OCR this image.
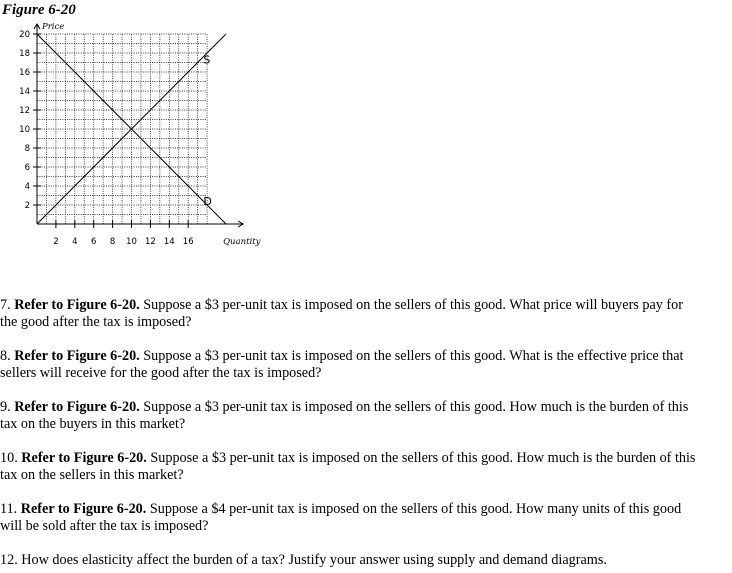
Figure 6-20
2
4
6
8
10
12
14
16
18
20
2 4 6 8 10 12 14 16
S
D
Price
Quantity
7. Refer to Figure 6-20. Suppose a $3 per-unit tax is imposed on the sellers of this good. What price will buyers pay for
the good after the tax is imposed?
8. Refer to Figure 6-20. Suppose a $3 per-unit tax is imposed on the sellers of this good. What is the effective price that
sellers will receive for the good after the tax is imposed?
9. Refer to Figure 6-20. Suppose a $3 per-unit tax is imposed on the sellers of this good. How much is the burden of this
tax on the buyers in this market?
10. Refer to Figure 6-20. Suppose a $3 per-unit tax is imposed on the sellers of this good. How much is the burden of this
tax on the sellers in this market?
11. Refer to Figure 6-20. Suppose a $4 per-unit tax is imposed on the sellers of this good. How many units of this good
will be sold after the tax is imposed?
12. How does elasticity affect the burden of a tax? Justify your answer using supply and demand diagrams.
